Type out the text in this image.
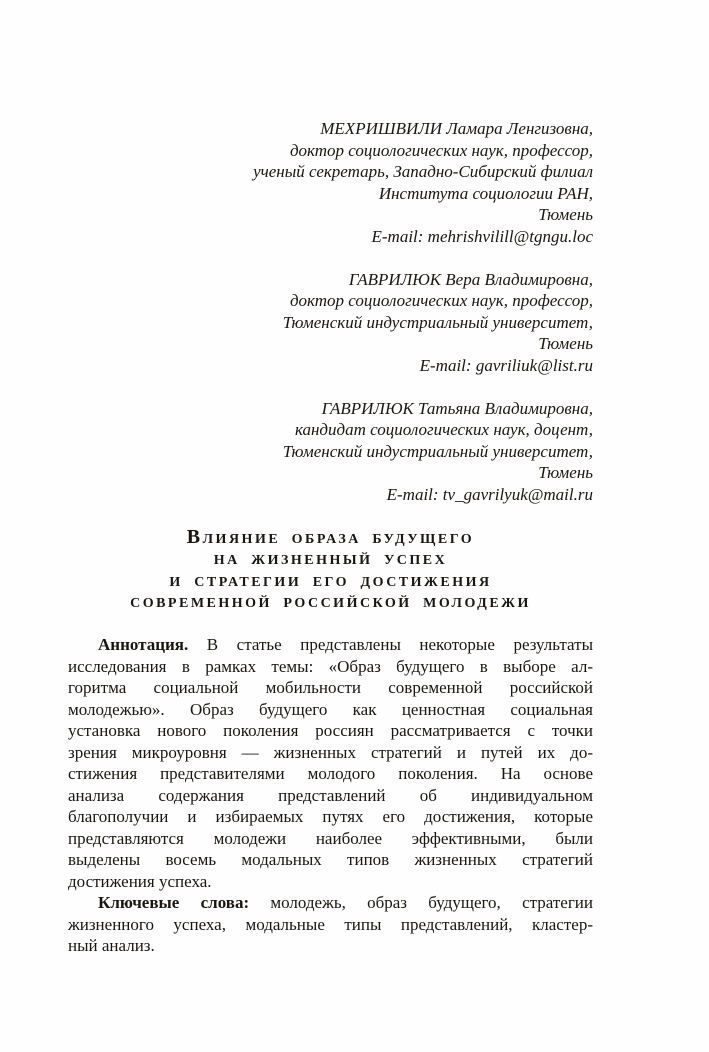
МЕХРИШВИЛИ Ламара Ленгизовна,
доктор социологических наук, профессор,
ученый секретарь, Западно-Сибирский филиал
Института социологии РАН,
Тюмень
E-mail: mehrishvilill@tgngu.loc
ГАВРИЛЮК Вера Владимировна,
доктор социологических наук, профессор,
Тюменский индустриальный университет,
Тюмень
E-mail: gavriliuk@list.ru
ГАВРИЛЮК Татьяна Владимировна,
кандидат социологических наук, доцент,
Тюменский индустриальный университет,
Тюмень
E-mail: tv_gavrilyuk@mail.ru
Влияние образа будущего
на жизненный успех
и стратегии его достижения
современной российской молодежи

Аннотация. В статье представлены некоторые результаты
исследования в рамках темы: «Образ будущего в выборе ал-
горитма социальной мобильности современной российской
молодежью». Образ будущего как ценностная социальная
установка нового поколения россиян рассматривается с точки
зрения микроуровня — жизненных стратегий и путей их до-
стижения представителями молодого поколения. На основе
анализа содержания представлений об индивидуальном
благополучии и избираемых путях его достижения, которые
представляются молодежи наиболее эффективными, были
выделены восемь модальных типов жизненных стратегий
достижения успеха.

Ключевые слова: молодежь, образ будущего, стратегии
жизненного успеха, модальные типы представлений, кластер-
ный анализ.
